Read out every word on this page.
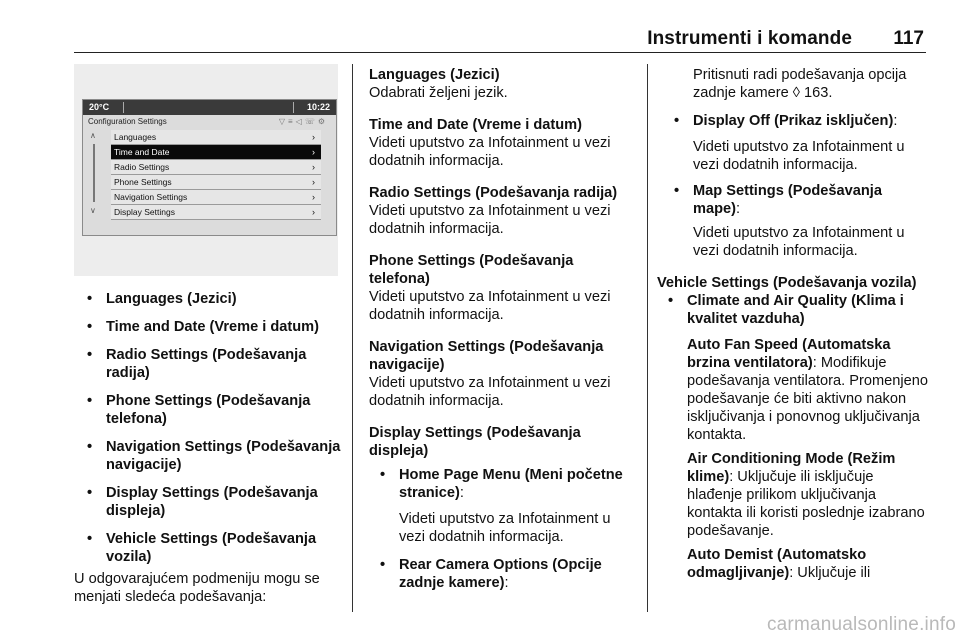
Instrumenti i komande 117
20°C	10:22
Configuration Settings	▽≡◁☏⚙
∧
∨
Languages	›
Time and Date	›
Radio Settings	›
Phone Settings	›
Navigation Settings	›
Display Settings	›
• Languages (Jezici)
• Time and Date (Vreme i datum)
• Radio Settings (Podešavanja radija)
• Phone Settings (Podešavanja telefona)
• Navigation Settings (Podešavanja navigacije)
• Display Settings (Podešavanja displeja)
• Vehicle Settings (Podešavanja vozila)
U odgovarajućem podmeniju mogu se menjati sledeća podešavanja:
Languages (Jezici)
Odabrati željeni jezik.
Time and Date (Vreme i datum)
Videti uputstvo za Infotainment u vezi dodatnih informacija.
Radio Settings (Podešavanja radija)
Videti uputstvo za Infotainment u vezi dodatnih informacija.
Phone Settings (Podešavanja telefona)
Videti uputstvo za Infotainment u vezi dodatnih informacija.
Navigation Settings (Podešavanja navigacije)
Videti uputstvo za Infotainment u vezi dodatnih informacija.
Display Settings (Podešavanja displeja)
• Home Page Menu (Meni početne stranice):
Videti uputstvo za Infotainment u vezi dodatnih informacija.
• Rear Camera Options (Opcije zadnje kamere):
Pritisnuti radi podešavanja opcija zadnje kamere ◊ 163.
• Display Off (Prikaz isključen):
Videti uputstvo za Infotainment u vezi dodatnih informacija.
• Map Settings (Podešavanja mape):
Videti uputstvo za Infotainment u vezi dodatnih informacija.
Vehicle Settings (Podešavanja vozila)
• Climate and Air Quality (Klima i kvalitet vazduha)
Auto Fan Speed (Automatska brzina ventilatora): Modifikuje podešavanja ventilatora. Promenjeno podešavanje će biti aktivno nakon isključivanja i ponovnog uključivanja kontakta.
Air Conditioning Mode (Režim klime): Uključuje ili isključuje hlađenje prilikom uključivanja kontakta ili koristi poslednje izabrano podešavanje.
Auto Demist (Automatsko odmagljivanje): Uključuje ili
carmanualsonline.info
